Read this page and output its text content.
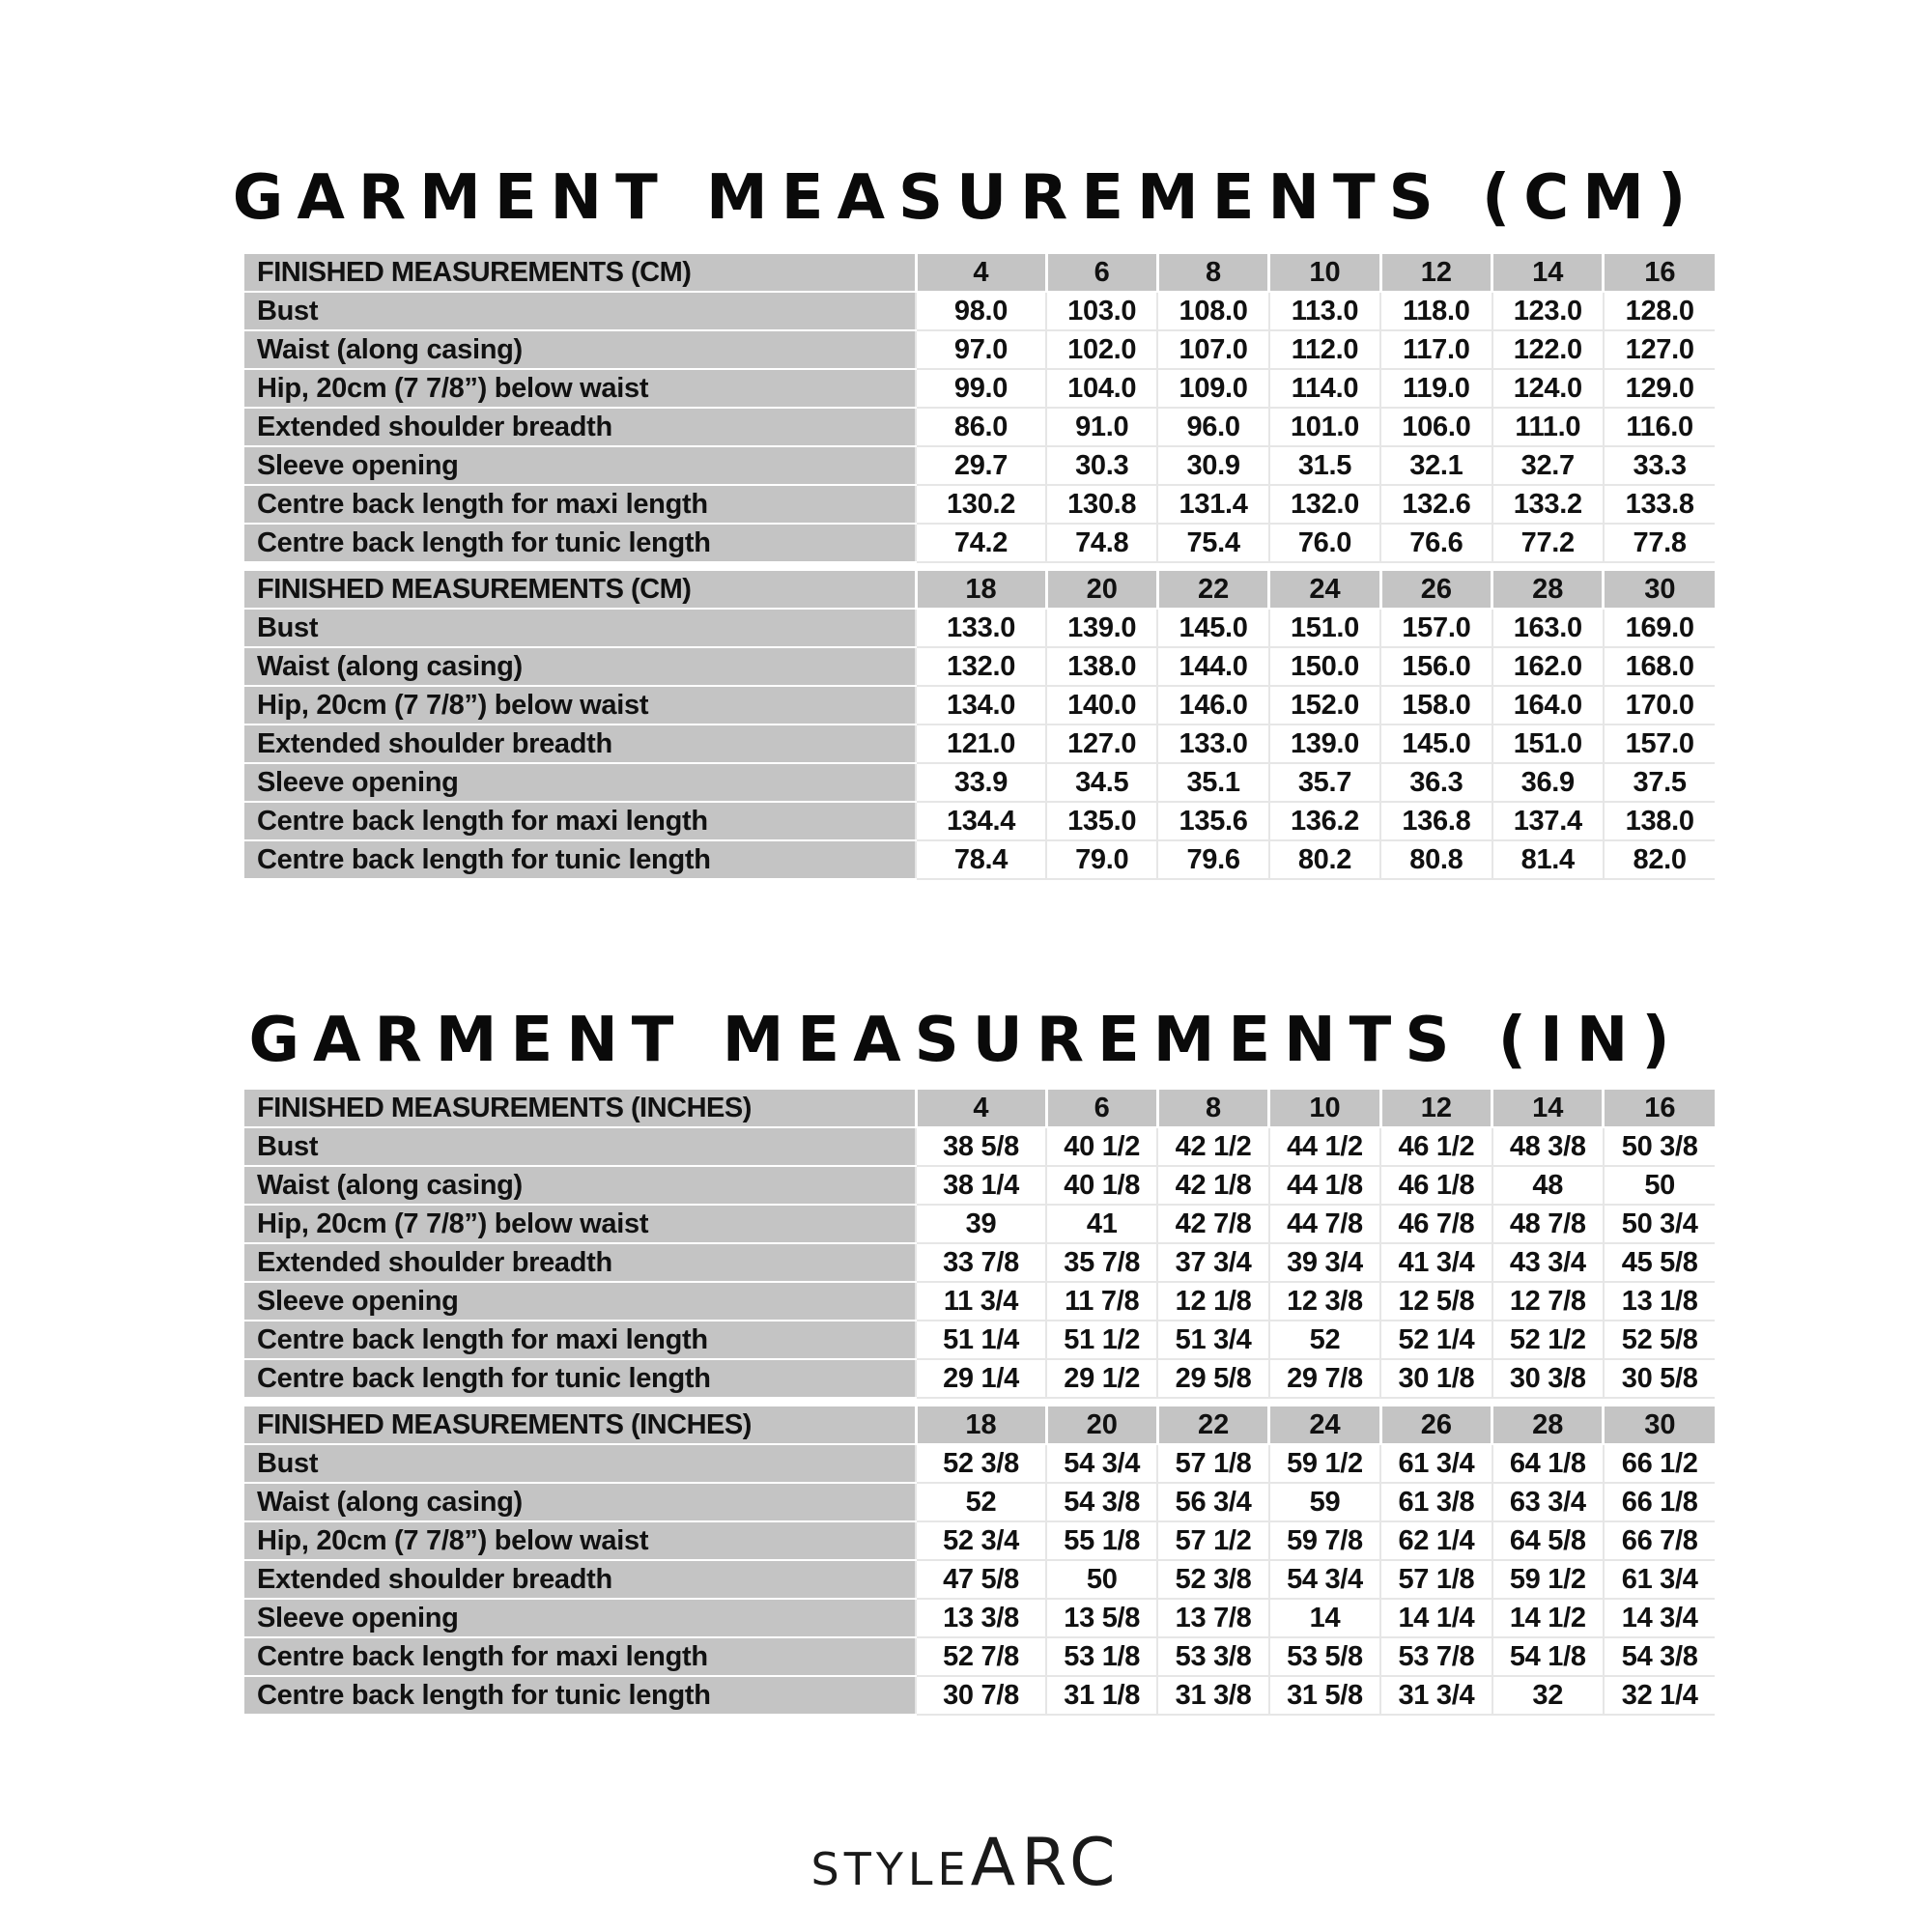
GARMENT MEASUREMENTS (CM)
FINISHED MEASUREMENTS (CM)	4	6	8	10	12	14	16
Bust	98.0	103.0	108.0	113.0	118.0	123.0	128.0
Waist (along casing)	97.0	102.0	107.0	112.0	117.0	122.0	127.0
Hip, 20cm (7 7/8”) below waist	99.0	104.0	109.0	114.0	119.0	124.0	129.0
Extended shoulder breadth	86.0	91.0	96.0	101.0	106.0	111.0	116.0
Sleeve opening	29.7	30.3	30.9	31.5	32.1	32.7	33.3
Centre back length for maxi length	130.2	130.8	131.4	132.0	132.6	133.2	133.8
Centre back length for tunic length	74.2	74.8	75.4	76.0	76.6	77.2	77.8
FINISHED MEASUREMENTS (CM)	18	20	22	24	26	28	30
Bust	133.0	139.0	145.0	151.0	157.0	163.0	169.0
Waist (along casing)	132.0	138.0	144.0	150.0	156.0	162.0	168.0
Hip, 20cm (7 7/8”) below waist	134.0	140.0	146.0	152.0	158.0	164.0	170.0
Extended shoulder breadth	121.0	127.0	133.0	139.0	145.0	151.0	157.0
Sleeve opening	33.9	34.5	35.1	35.7	36.3	36.9	37.5
Centre back length for maxi length	134.4	135.0	135.6	136.2	136.8	137.4	138.0
Centre back length for tunic length	78.4	79.0	79.6	80.2	80.8	81.4	82.0
GARMENT MEASUREMENTS (IN)
FINISHED MEASUREMENTS (INCHES)	4	6	8	10	12	14	16
Bust	38 5/8	40 1/2	42 1/2	44 1/2	46 1/2	48 3/8	50 3/8
Waist (along casing)	38 1/4	40 1/8	42 1/8	44 1/8	46 1/8	48	50
Hip, 20cm (7 7/8”) below waist	39	41	42 7/8	44 7/8	46 7/8	48 7/8	50 3/4
Extended shoulder breadth	33 7/8	35 7/8	37 3/4	39 3/4	41 3/4	43 3/4	45 5/8
Sleeve opening	11 3/4	11 7/8	12 1/8	12 3/8	12 5/8	12 7/8	13 1/8
Centre back length for maxi length	51 1/4	51 1/2	51 3/4	52	52 1/4	52 1/2	52 5/8
Centre back length for tunic length	29 1/4	29 1/2	29 5/8	29 7/8	30 1/8	30 3/8	30 5/8
FINISHED MEASUREMENTS (INCHES)	18	20	22	24	26	28	30
Bust	52 3/8	54 3/4	57 1/8	59 1/2	61 3/4	64 1/8	66 1/2
Waist (along casing)	52	54 3/8	56 3/4	59	61 3/8	63 3/4	66 1/8
Hip, 20cm (7 7/8”) below waist	52 3/4	55 1/8	57 1/2	59 7/8	62 1/4	64 5/8	66 7/8
Extended shoulder breadth	47 5/8	50	52 3/8	54 3/4	57 1/8	59 1/2	61 3/4
Sleeve opening	13 3/8	13 5/8	13 7/8	14	14 1/4	14 1/2	14 3/4
Centre back length for maxi length	52 7/8	53 1/8	53 3/8	53 5/8	53 7/8	54 1/8	54 3/8
Centre back length for tunic length	30 7/8	31 1/8	31 3/8	31 5/8	31 3/4	32	32 1/4
STYLEARC
